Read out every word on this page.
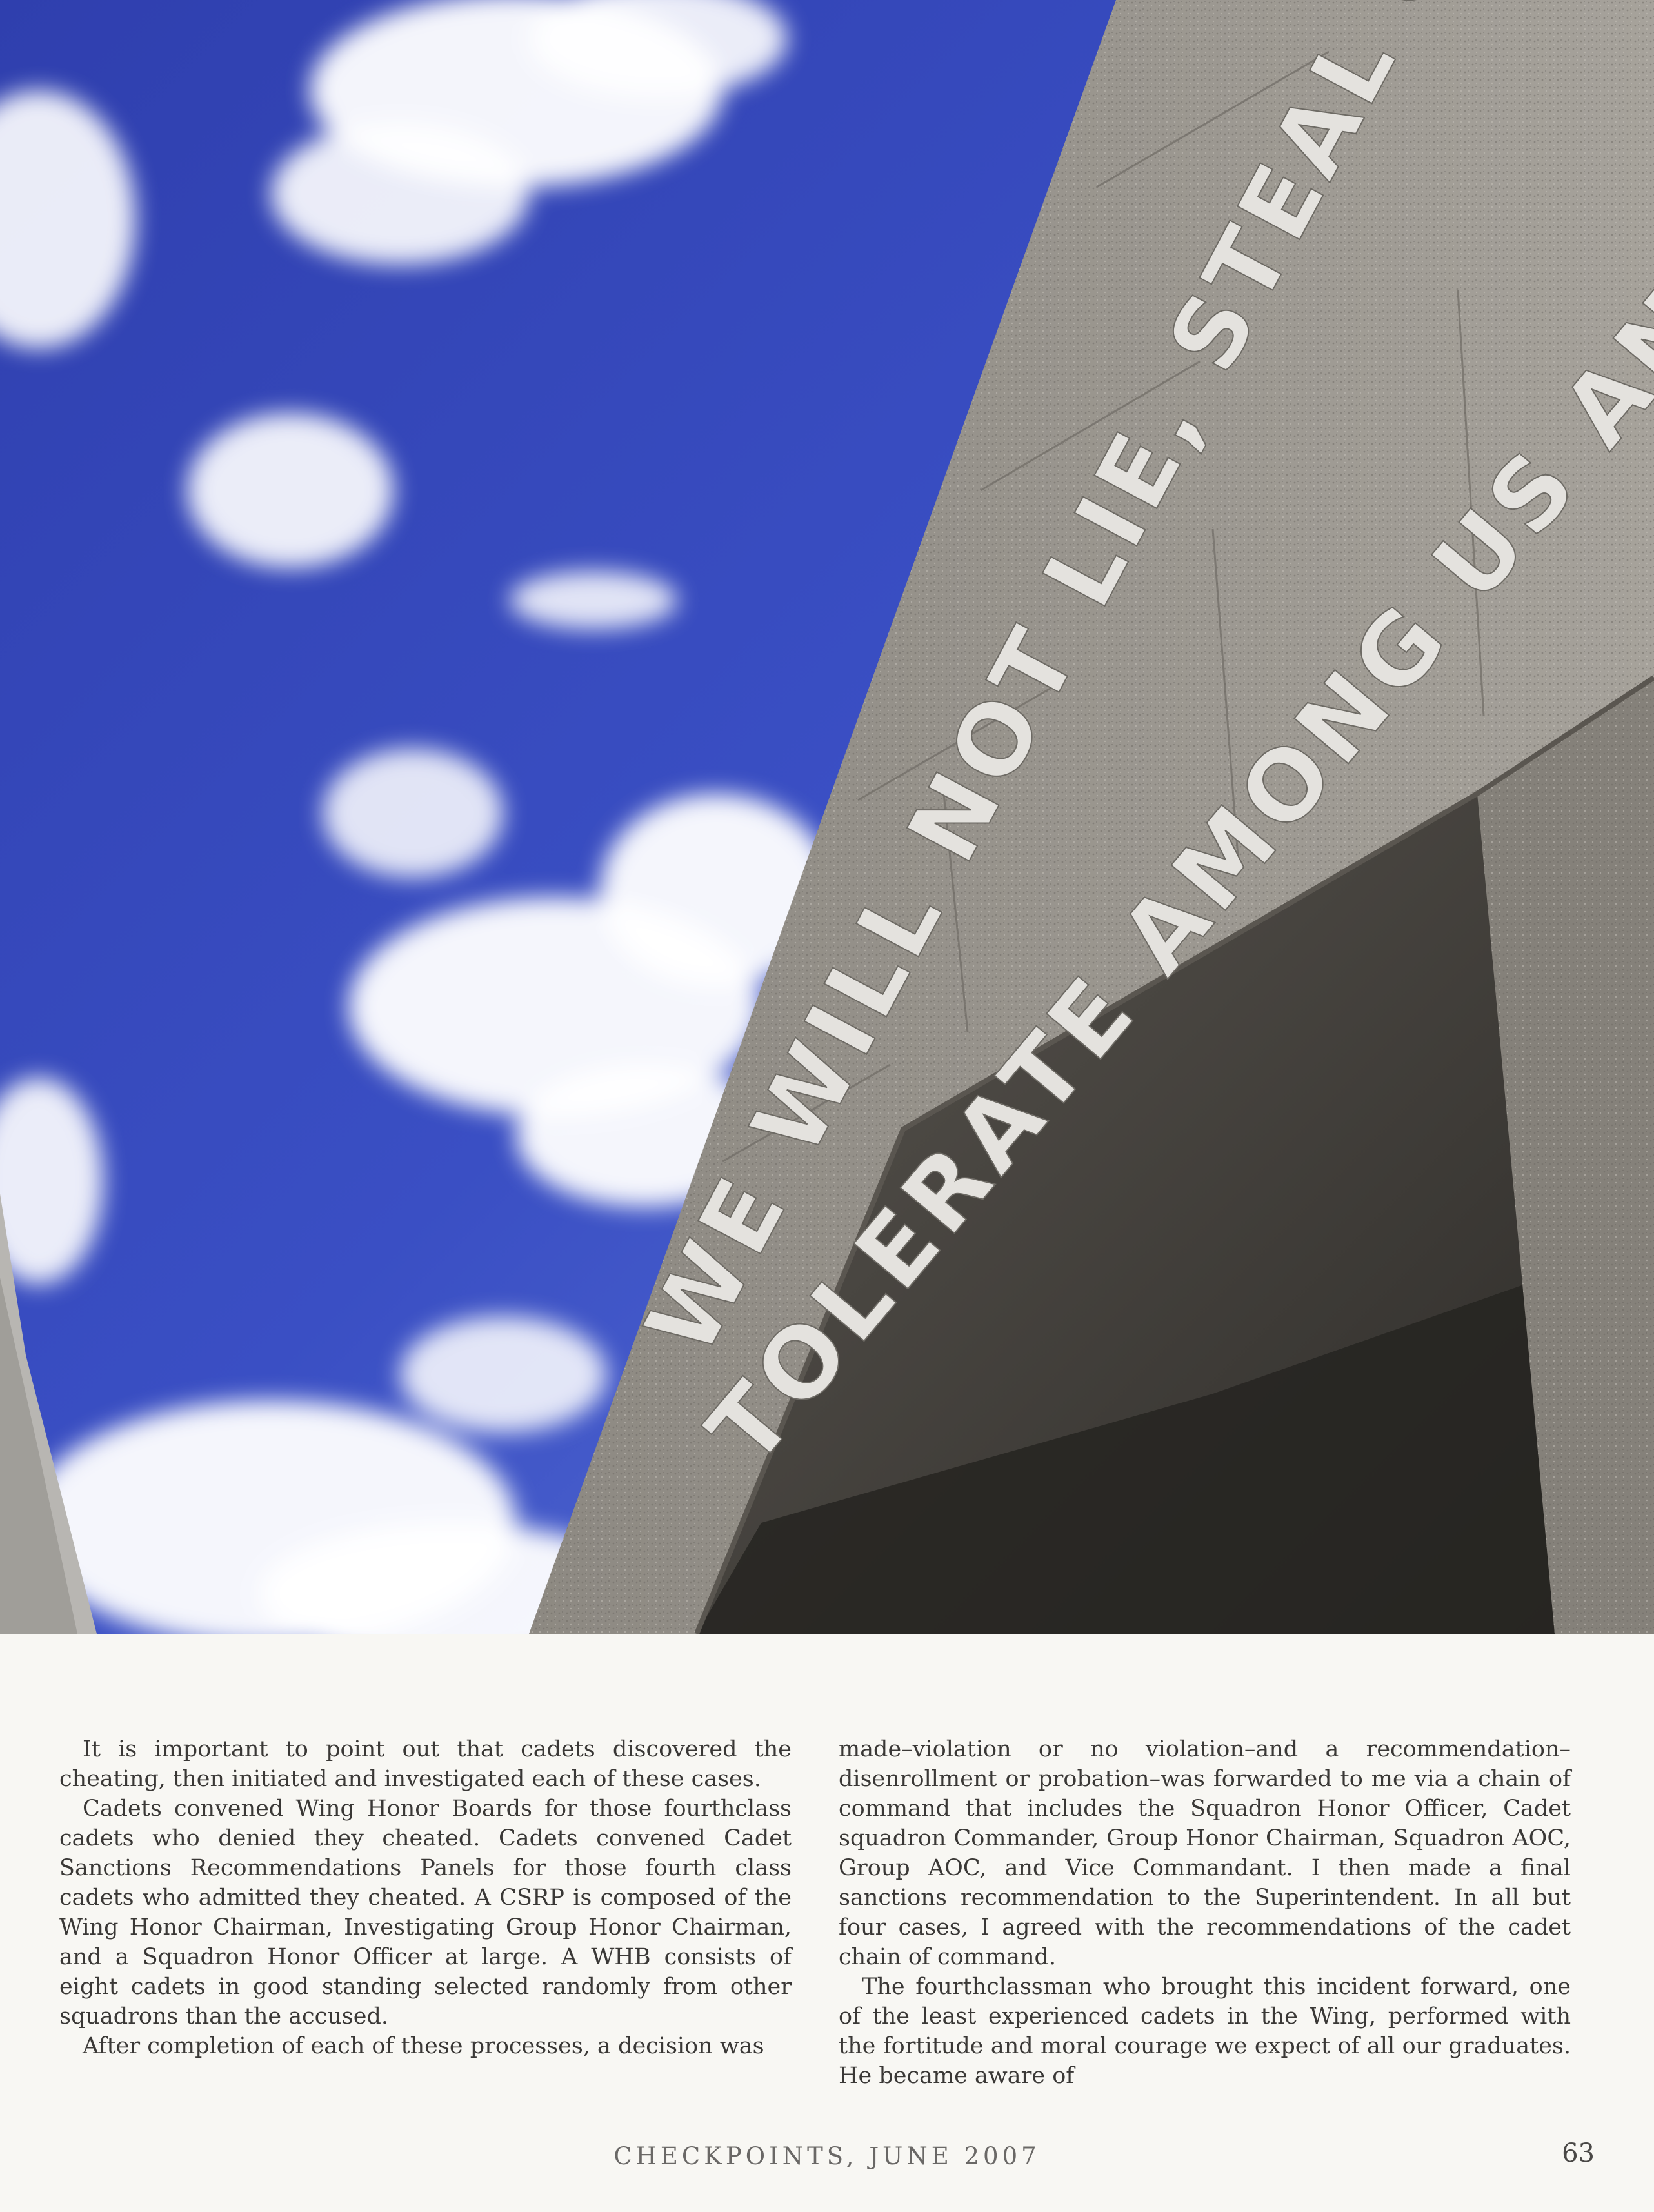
It is important to point out that cadets discovered the cheating, then initiated and investigated each of these cases.

Cadets convened Wing Honor Boards for those fourthclass cadets who denied they cheated. Cadets convened Cadet Sanctions Recommendations Panels for those fourth class cadets who admitted they cheated. A CSRP is composed of the Wing Honor Chairman, Investigating Group Honor Chairman, and a Squadron Honor Officer at large. A WHB consists of eight cadets in good standing selected randomly from other squadrons than the accused.

After completion of each of these processes, a decision was

made–violation or no violation–and a recommendation–disenrollment or probation–was forwarded to me via a chain of command that includes the Squadron Honor Officer, Cadet squadron Commander, Group Honor Chairman, Squadron AOC, Group AOC, and Vice Commandant. I then made a final sanctions recommendation to the Superintendent. In all but four cases, I agreed with the recommendations of the cadet chain of command.

The fourthclassman who brought this incident forward, one of the least experienced cadets in the Wing, performed with the fortitude and moral courage we expect of all our graduates. He became aware of

CHECKPOINTS, JUNE 2007	63
